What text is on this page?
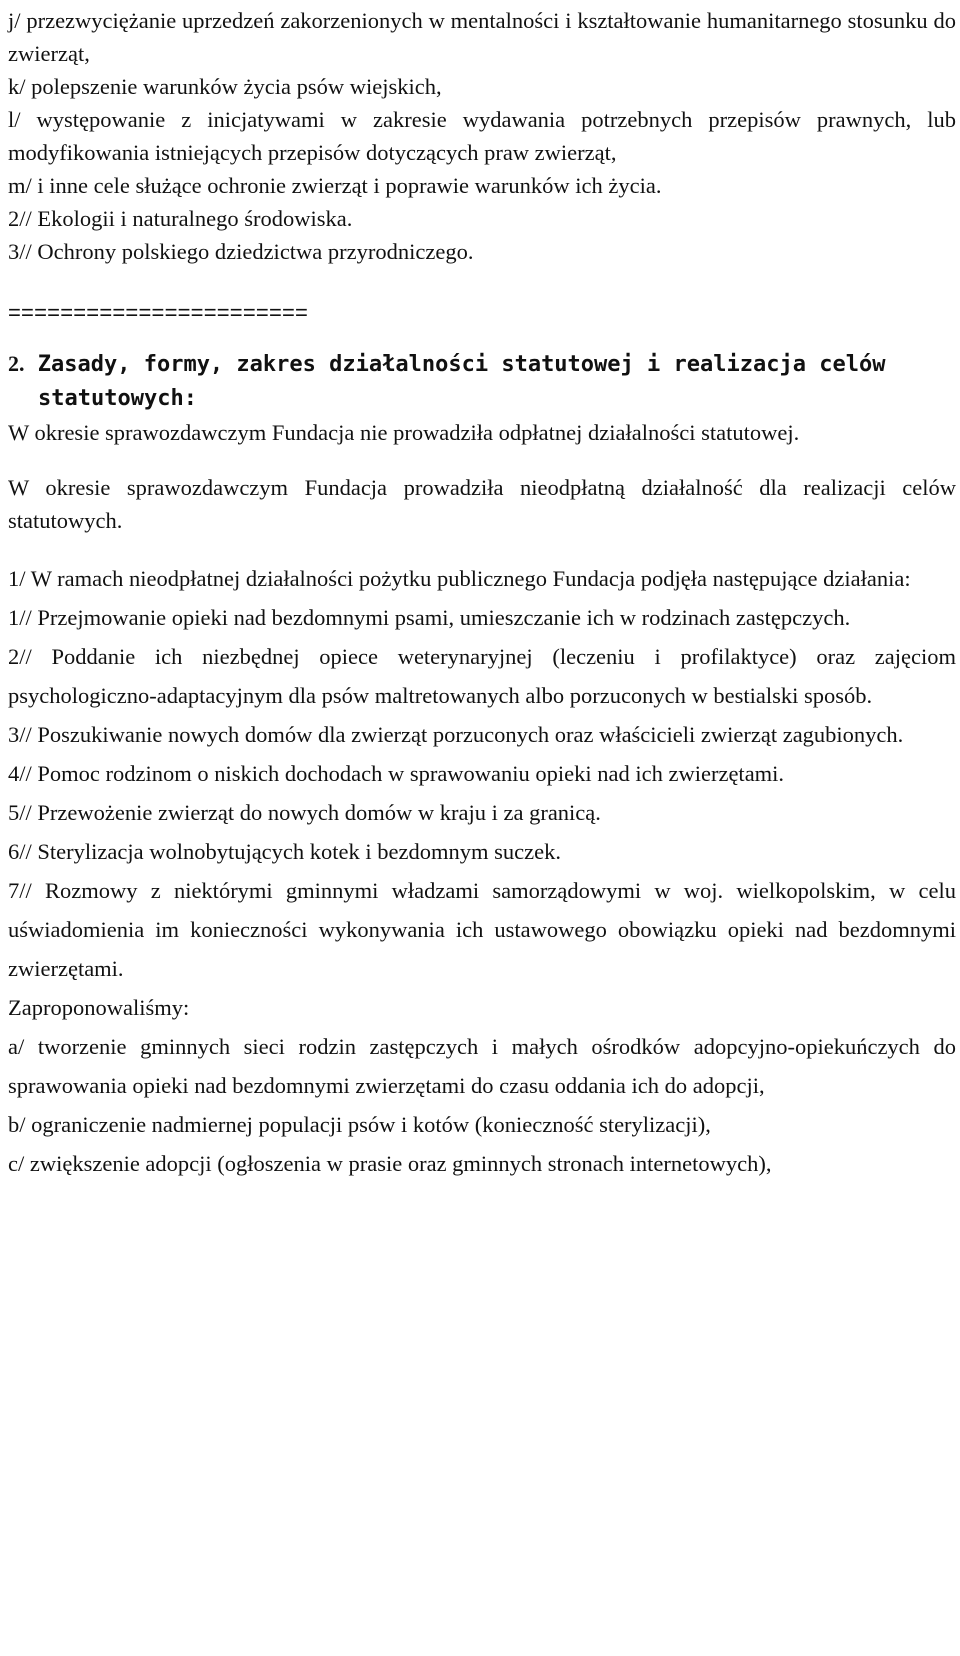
j/ przezwyciężanie uprzedzeń zakorzenionych w mentalności i kształtowanie humanitarnego stosunku do zwierząt,

k/ polepszenie warunków życia psów wiejskich,

l/ występowanie z inicjatywami w zakresie wydawania potrzebnych przepisów prawnych, lub modyfikowania istniejących przepisów dotyczących praw zwierząt,

m/ i inne cele służące ochronie zwierząt i poprawie warunków ich życia.

2// Ekologii i naturalnego środowiska.

3// Ochrony polskiego dziedzictwa przyrodniczego.

=======================
2. Zasady, formy, zakres działalności statutowej i realizacja celów
statutowych:

W okresie sprawozdawczym Fundacja nie prowadziła odpłatnej działalności statutowej.

W okresie sprawozdawczym Fundacja prowadziła nieodpłatną działalność dla realizacji celów statutowych.

1/ W ramach nieodpłatnej działalności pożytku publicznego Fundacja podjęła następujące działania:

1// Przejmowanie opieki nad bezdomnymi psami, umieszczanie ich w rodzinach zastępczych.

2// Poddanie ich niezbędnej opiece weterynaryjnej (leczeniu i profilaktyce) oraz zajęciom psychologiczno-adaptacyjnym dla psów maltretowanych albo porzuconych w bestialski sposób.

3// Poszukiwanie nowych domów dla zwierząt porzuconych oraz właścicieli zwierząt zagubionych.

4// Pomoc rodzinom o niskich dochodach w sprawowaniu opieki nad ich zwierzętami.

5// Przewożenie zwierząt do nowych domów w kraju i za granicą.

6// Sterylizacja wolnobytujących kotek i bezdomnym suczek.

7// Rozmowy z niektórymi gminnymi władzami samorządowymi w woj. wielkopolskim, w celu uświadomienia im konieczności wykonywania ich ustawowego obowiązku opieki nad bezdomnymi zwierzętami.

Zaproponowaliśmy:

a/ tworzenie gminnych sieci rodzin zastępczych i małych ośrodków adopcyjno-opiekuńczych do sprawowania opieki nad bezdomnymi zwierzętami do czasu oddania ich do adopcji,

b/ ograniczenie nadmiernej populacji psów i kotów (konieczność sterylizacji),

c/ zwiększenie adopcji (ogłoszenia w prasie oraz gminnych stronach internetowych),
